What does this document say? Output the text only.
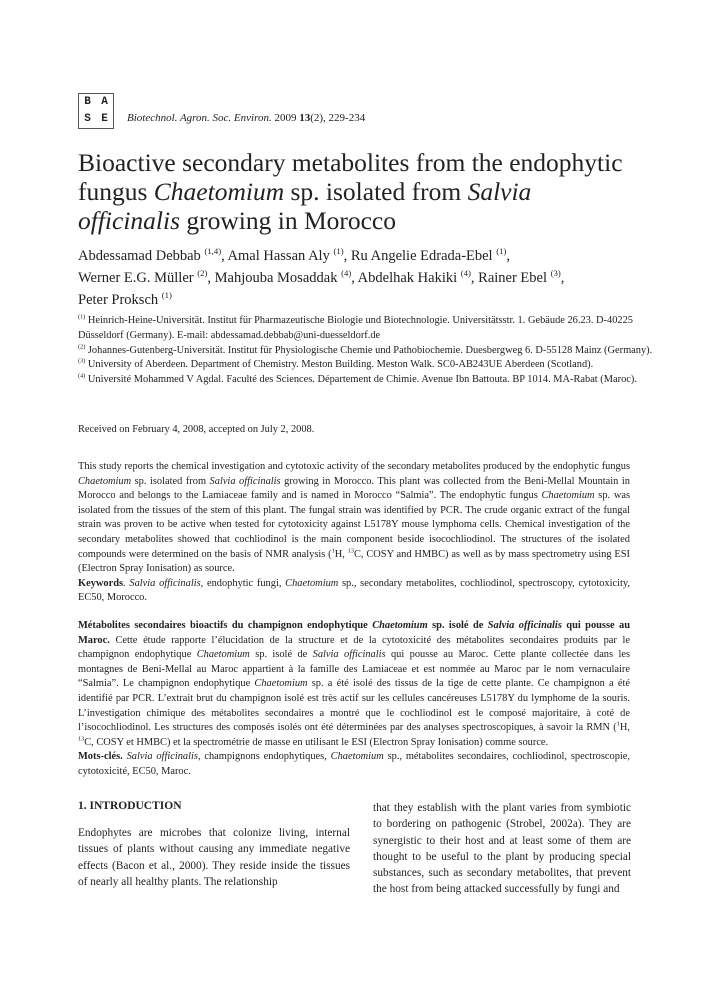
B A
S E	Biotechnol. Agron. Soc. Environ. 2009 13(2), 229-234
Bioactive secondary metabolites from the endophytic fungus Chaetomium sp. isolated from Salvia officinalis growing in Morocco
Abdessamad Debbab $^{(1,4)}$, Amal Hassan Aly $^{(1)}$, Ru Angelie Edrada-Ebel $^{(1)}$,
Werner E.G. Müller $^{(2)}$, Mahjouba Mosaddak $^{(4)}$, Abdelhak Hakiki $^{(4)}$, Rainer Ebel $^{(3)}$,
Peter Proksch $^{(1)}$
$^{(1)}$ Heinrich-Heine-Universität. Institut für Pharmazeutische Biologie und Biotechnologie. Universitätsstr. 1. Gebäude 26.23. D-40225 Düsseldorf (Germany). E-mail: abdessamad.debbab@uni-duesseldorf.de
$^{(2)}$ Johannes-Gutenberg-Universität. Institut für Physiologische Chemie und Pathobiochemie. Duesbergweg 6. D-55128 Mainz (Germany).
$^{(3)}$ University of Aberdeen. Department of Chemistry. Meston Building. Meston Walk. SC0-AB243UE Aberdeen (Scotland).
$^{(4)}$ Université Mohammed V Agdal. Faculté des Sciences. Département de Chimie. Avenue Ibn Battouta. BP 1014. MA-Rabat (Maroc).
Received on February 4, 2008, accepted on July 2, 2008.
This study reports the chemical investigation and cytotoxic activity of the secondary metabolites produced by the endophytic fungus Chaetomium sp. isolated from Salvia officinalis growing in Morocco. This plant was collected from the Beni-Mellal Mountain in Morocco and belongs to the Lamiaceae family and is named in Morocco “Salmia”. The endophytic fungus Chaetomium sp. was isolated from the tissues of the stem of this plant. The fungal strain was identified by PCR. The crude organic extract of the fungal strain was proven to be active when tested for cytotoxicity against L5178Y mouse lymphoma cells. Chemical investigation of the secondary metabolites showed that cochliodinol is the main component beside isocochliodinol. The structures of the isolated compounds were determined on the basis of NMR analysis ($^1$H, $^{13}$C, COSY and HMBC) as well as by mass spectrometry using ESI (Electron Spray Ionisation) as source.
Keywords. Salvia officinalis, endophytic fungi, Chaetomium sp., secondary metabolites, cochliodinol, spectroscopy, cytotoxicity, EC50, Morocco.
Métabolites secondaires bioactifs du champignon endophytique Chaetomium sp. isolé de Salvia officinalis qui pousse au Maroc. Cette étude rapporte l’élucidation de la structure et de la cytotoxicité des métabolites secondaires produits par le champignon endophytique Chaetomium sp. isolé de Salvia officinalis qui pousse au Maroc. Cette plante collectée dans les montagnes de Beni-Mellal au Maroc appartient à la famille des Lamiaceae et est nommée au Maroc par le nom vernaculaire “Salmia”. Le champignon endophytique Chaetomium sp. a été isolé des tissus de la tige de cette plante. Ce champignon a été identifié par PCR. L’extrait brut du champignon isolé est très actif sur les cellules cancéreuses L5178Y du lymphome de la souris. L’investigation chimique des métabolites secondaires a montré que le cochliodinol est le composé majoritaire, à coté de l’isocochliodinol. Les structures des composés isolés ont été déterminées par des analyses spectroscopiques, à savoir la RMN ($^1$H, $^{13}$C, COSY et HMBC) et la spectrométrie de masse en utilisant le ESI (Electron Spray Ionisation) comme source.
Mots-clés. Salvia officinalis, champignons endophytiques, Chaetomium sp., métabolites secondaires, cochliodinol, spectroscopie, cytotoxicité, EC50, Maroc.
1. INTRODUCTION
Endophytes are microbes that colonize living, internal tissues of plants without causing any immediate negative effects (Bacon et al., 2000). They reside inside the tissues of nearly all healthy plants. The relationship
that they establish with the plant varies from symbiotic to bordering on pathogenic (Strobel, 2002a). They are synergistic to their host and at least some of them are thought to be useful to the plant by producing special substances, such as secondary metabolites, that prevent the host from being attacked successfully by fungi and
